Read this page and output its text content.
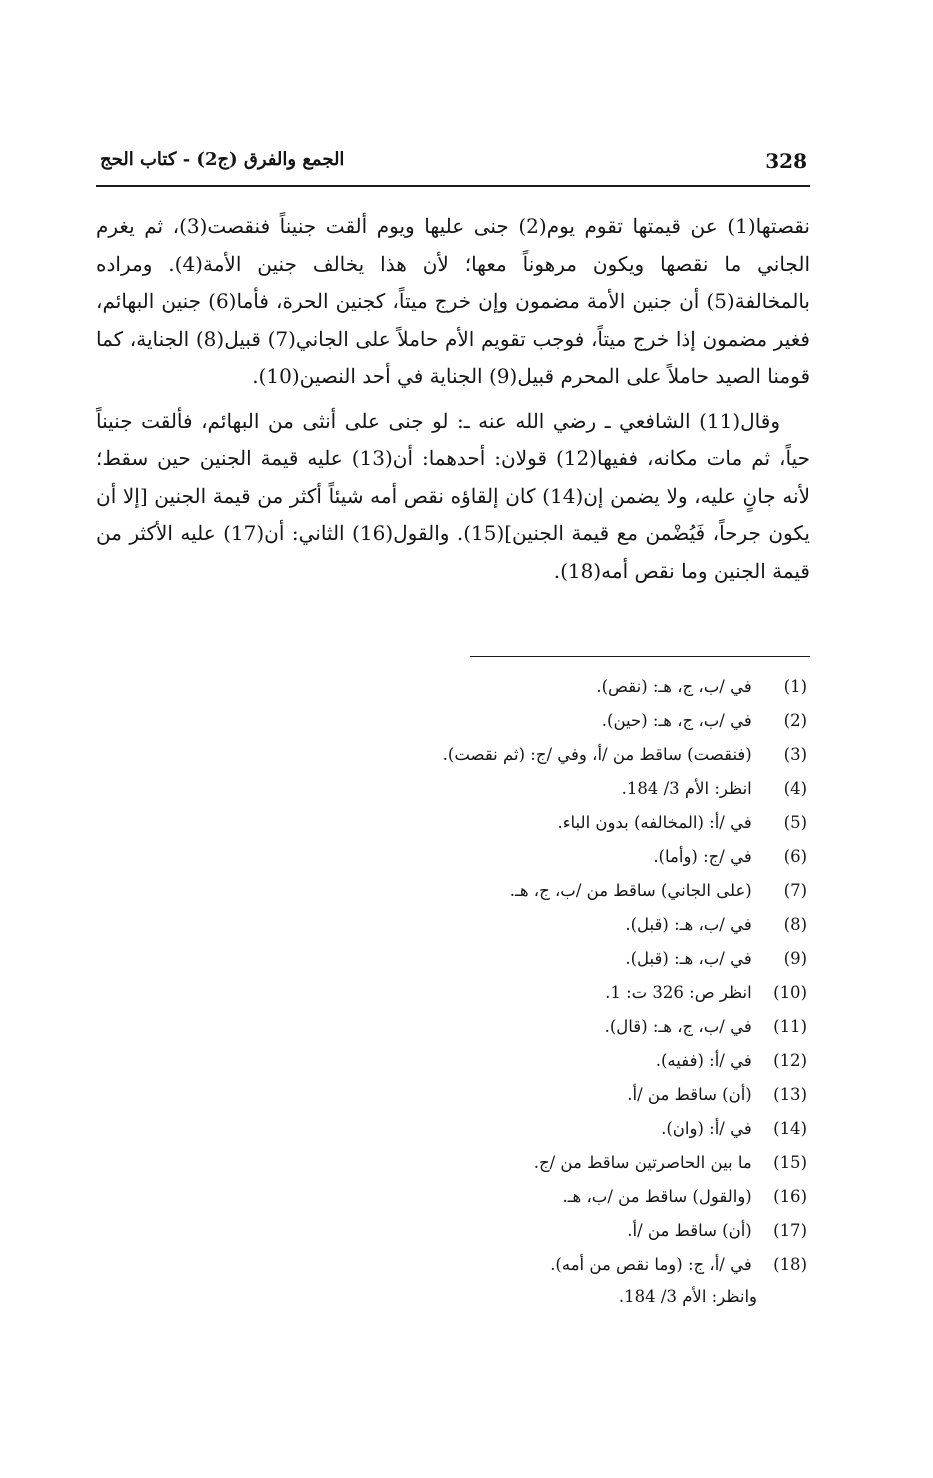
328
الجمع والفرق (ج2) - كتاب الحج

نقصتها(1) عن قيمتها تقوم يوم(2) جنى عليها ويوم ألقت جنيناً فنقصت(3)، ثم يغرم الجاني ما نقصها ويكون مرهوناً معها؛ لأن هذا يخالف جنين الأمة(4). ومراده بالمخالفة(5) أن جنين الأمة مضمون وإن خرج ميتاً، كجنين الحرة، فأما(6) جنين البهائم، فغير مضمون إذا خرج ميتاً، فوجب تقويم الأم حاملاً على الجاني(7) قبيل(8) الجناية، كما قومنا الصيد حاملاً على المحرم قبيل(9) الجناية في أحد النصين(10).

وقال(11) الشافعي ـ رضي الله عنه ـ: لو جنى على أنثى من البهائم، فألقت جنيناً حياً، ثم مات مكانه، ففيها(12) قولان: أحدهما: أن(13) عليه قيمة الجنين حين سقط؛ لأنه جانٍ عليه، ولا يضمن إن(14) كان إلقاؤه نقص أمه شيئاً أكثر من قيمة الجنين [إلا أن يكون جرحاً، فَيُضْمن مع قيمة الجنين](15). والقول(16) الثاني: أن(17) عليه الأكثر من قيمة الجنين وما نقص أمه(18).

(1) في /ب، ج، هـ: (نقص).
(2) في /ب، ج، هـ: (حين).
(3) (فنقصت) ساقط من /أ، وفي /ج: (ثم نقصت).
(4) انظر: الأم 3/ 184.
(5) في /أ: (المخالفه) بدون الباء.
(6) في /ج: (وأما).
(7) (على الجاني) ساقط من /ب، ج، هـ.
(8) في /ب، هـ: (قبل).
(9) في /ب، هـ: (قبل).
(10) انظر ص: 326 ت: 1.
(11) في /ب، ج، هـ: (قال).
(12) في /أ: (ففيه).
(13) (أن) ساقط من /أ.
(14) في /أ: (وان).
(15) ما بين الحاصرتين ساقط من /ج.
(16) (والقول) ساقط من /ب، هـ.
(17) (أن) ساقط من /أ.
(18) في /أ، ج: (وما نقص من أمه).
وانظر: الأم 3/ 184.
